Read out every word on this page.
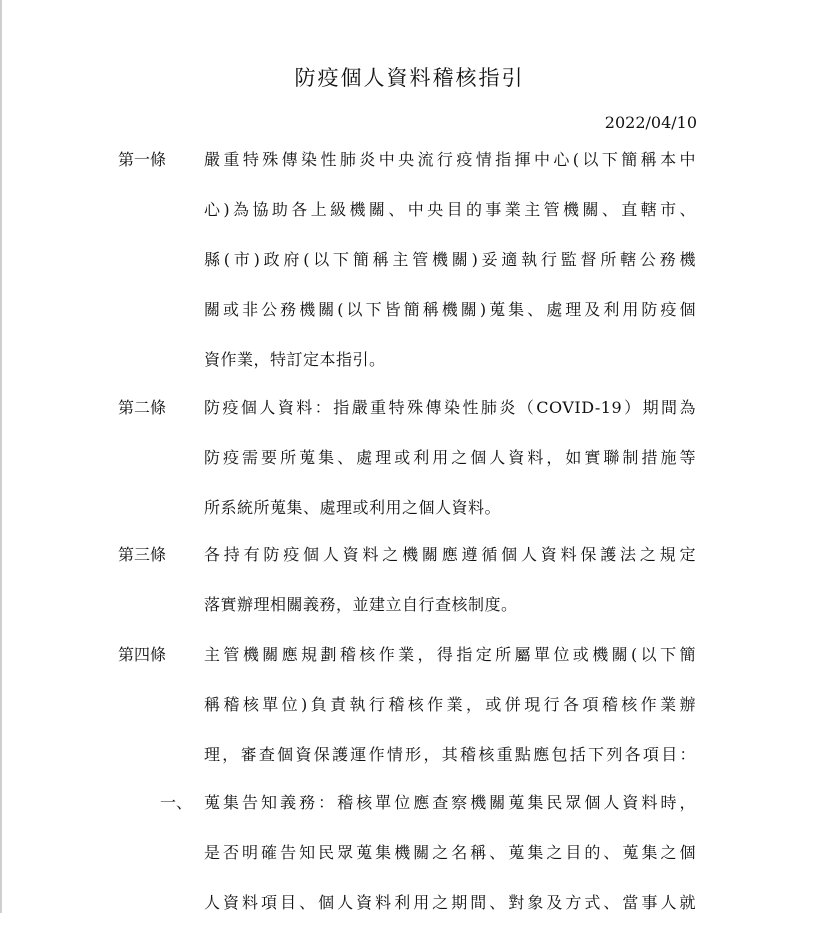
防疫個人資料稽核指引
2022/04/10
第一條 嚴重特殊傳染性肺炎中央流行疫情指揮中心(以下簡稱本中
心)為協助各上級機關、中央目的事業主管機關、直轄市、
縣(市)政府(以下簡稱主管機關)妥適執行監督所轄公務機
關或非公務機關(以下皆簡稱機關)蒐集、處理及利用防疫個
資作業，特訂定本指引。
第二條 防疫個人資料：指嚴重特殊傳染性肺炎（COVID-19）期間為
防疫需要所蒐集、處理或利用之個人資料，如實聯制措施等
所系統所蒐集、處理或利用之個人資料。
第三條 各持有防疫個人資料之機關應遵循個人資料保護法之規定
落實辦理相關義務，並建立自行查核制度。
第四條 主管機關應規劃稽核作業，得指定所屬單位或機關(以下簡
稱稽核單位)負責執行稽核作業，或併現行各項稽核作業辦
理，審查個資保護運作情形，其稽核重點應包括下列各項目：
一、 蒐集告知義務：稽核單位應查察機關蒐集民眾個人資料時，
是否明確告知民眾蒐集機關之名稱、蒐集之目的、蒐集之個
人資料項目、個人資料利用之期間、對象及方式、當事人就
